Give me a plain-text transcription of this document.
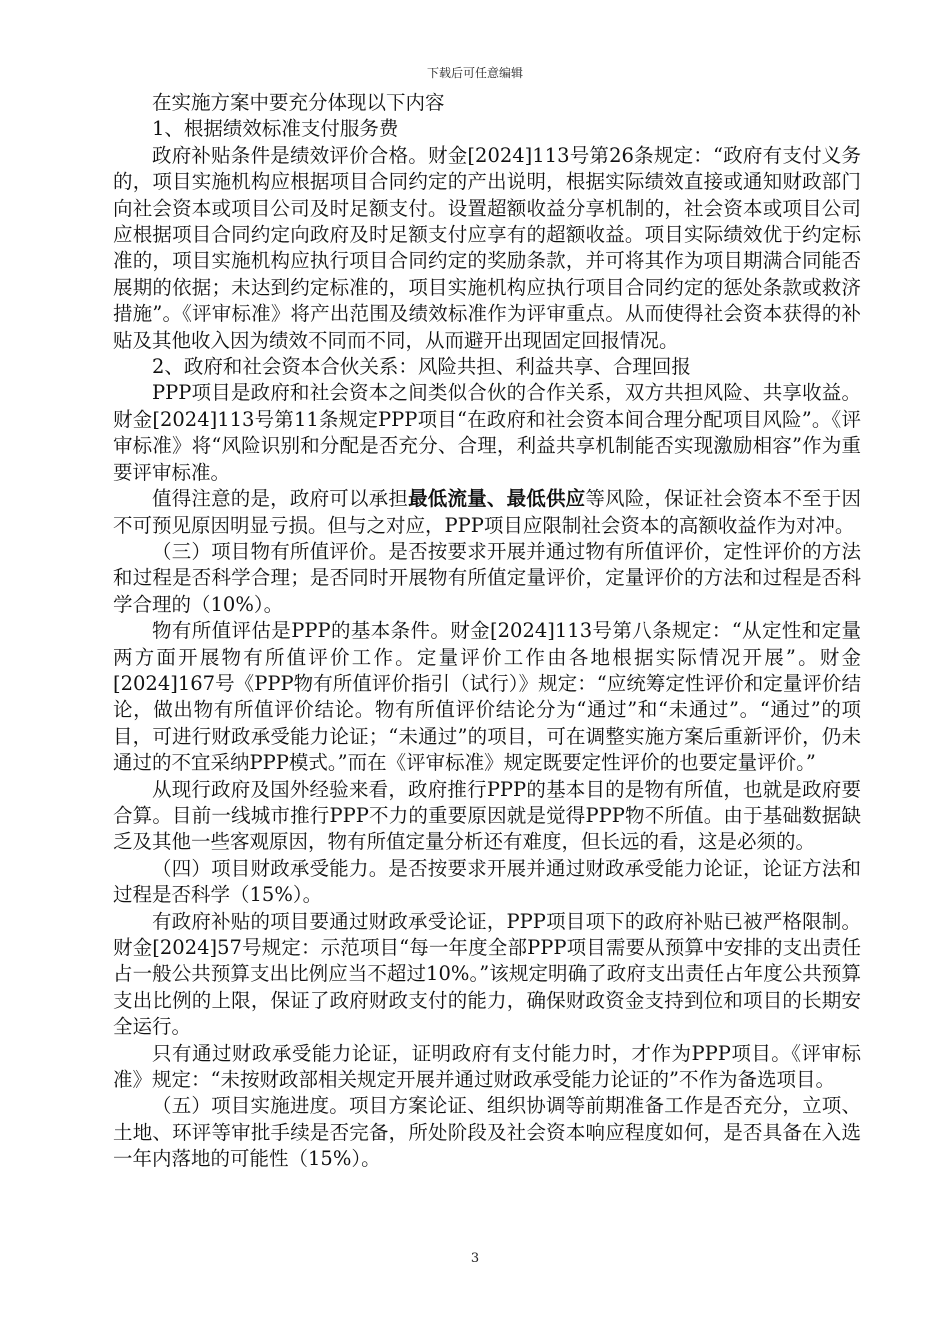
下载后可任意编辑

在实施方案中要充分体现以下内容

1、根据绩效标准支付服务费

政府补贴条件是绩效评价合格。财金[2024]113号第26条规定：“政府有支付义务的，项目实施机构应根据项目合同约定的产出说明，根据实际绩效直接或通知财政部门向社会资本或项目公司及时足额支付。设置超额收益分享机制的，社会资本或项目公司应根据项目合同约定向政府及时足额支付应享有的超额收益。项目实际绩效优于约定标准的，项目实施机构应执行项目合同约定的奖励条款，并可将其作为项目期满合同能否展期的依据；未达到约定标准的，项目实施机构应执行项目合同约定的惩处条款或救济措施”。《评审标准》将产出范围及绩效标准作为评审重点。从而使得社会资本获得的补贴及其他收入因为绩效不同而不同，从而避开出现固定回报情况。

2、政府和社会资本合伙关系：风险共担、利益共享、合理回报

PPP项目是政府和社会资本之间类似合伙的合作关系，双方共担风险、共享收益。财金[2024]113号第11条规定PPP项目“在政府和社会资本间合理分配项目风险”。《评审标准》将“风险识别和分配是否充分、合理，利益共享机制能否实现激励相容”作为重要评审标准。

值得注意的是，政府可以承担最低流量、最低供应等风险，保证社会资本不至于因不可预见原因明显亏损。但与之对应，PPP项目应限制社会资本的高额收益作为对冲。

（三）项目物有所值评价。是否按要求开展并通过物有所值评价，定性评价的方法和过程是否科学合理；是否同时开展物有所值定量评价，定量评价的方法和过程是否科学合理的（10%）。

物有所值评估是PPP的基本条件。财金[2024]113号第八条规定：“从定性和定量两方面开展物有所值评价工作。定量评价工作由各地根据实际情况开展”。财金[2024]167号《PPP物有所值评价指引（试行）》规定：“应统筹定性评价和定量评价结论，做出物有所值评价结论。物有所值评价结论分为“通过”和“未通过”。“通过”的项目，可进行财政承受能力论证；“未通过”的项目，可在调整实施方案后重新评价，仍未通过的不宜采纳PPP模式。”而在《评审标准》规定既要定性评价的也要定量评价。”

从现行政府及国外经验来看，政府推行PPP的基本目的是物有所值，也就是政府要合算。目前一线城市推行PPP不力的重要原因就是觉得PPP物不所值。由于基础数据缺乏及其他一些客观原因，物有所值定量分析还有难度，但长远的看，这是必须的。

（四）项目财政承受能力。是否按要求开展并通过财政承受能力论证，论证方法和过程是否科学（15%）。

有政府补贴的项目要通过财政承受论证，PPP项目项下的政府补贴已被严格限制。财金[2024]57号规定：示范项目“每一年度全部PPP项目需要从预算中安排的支出责任占一般公共预算支出比例应当不超过10%。”该规定明确了政府支出责任占年度公共预算支出比例的上限，保证了政府财政支付的能力，确保财政资金支持到位和项目的长期安全运行。

只有通过财政承受能力论证，证明政府有支付能力时，才作为PPP项目。《评审标准》规定：“未按财政部相关规定开展并通过财政承受能力论证的”不作为备选项目。

（五）项目实施进度。项目方案论证、组织协调等前期准备工作是否充分，立项、土地、环评等审批手续是否完备，所处阶段及社会资本响应程度如何，是否具备在入选一年内落地的可能性（15%）。

3
